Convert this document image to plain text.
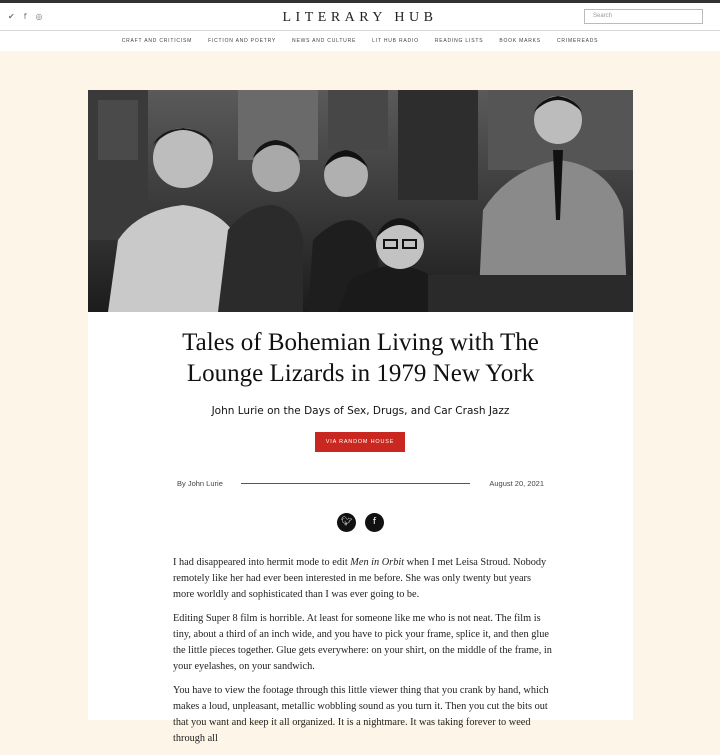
✔ f ◎	LITERARY HUB	Search
CRAFT AND CRITICISM	FICTION AND POETRY	NEWS AND CULTURE	LIT HUB RADIO	READING LISTS	BOOK MARKS	CRIMEREADS
Tales of Bohemian Living with The
Lounge Lizards in 1979 New York
John Lurie on the Days of Sex, Drugs, and Car Crash Jazz
VIA RANDOM HOUSE
By John Lurie	August 20, 2021
🐦︎	f

I had disappeared into hermit mode to edit Men in Orbit when I met Leisa Stroud. Nobody remotely like her had ever been interested in me before. She was only twenty but years more worldly and sophisticated than I was ever going to be.

Editing Super 8 film is horrible. At least for someone like me who is not neat. The film is tiny, about a third of an inch wide, and you have to pick your frame, splice it, and then glue the little pieces together. Glue gets everywhere: on your shirt, on the middle of the frame, in your eyelashes, on your sandwich.

You have to view the footage through this little viewer thing that you crank by hand, which makes a loud, unpleasant, metallic wobbling sound as you turn it. Then you cut the bits out that you want and keep it all organized. It is a nightmare. It was taking forever to weed through all
